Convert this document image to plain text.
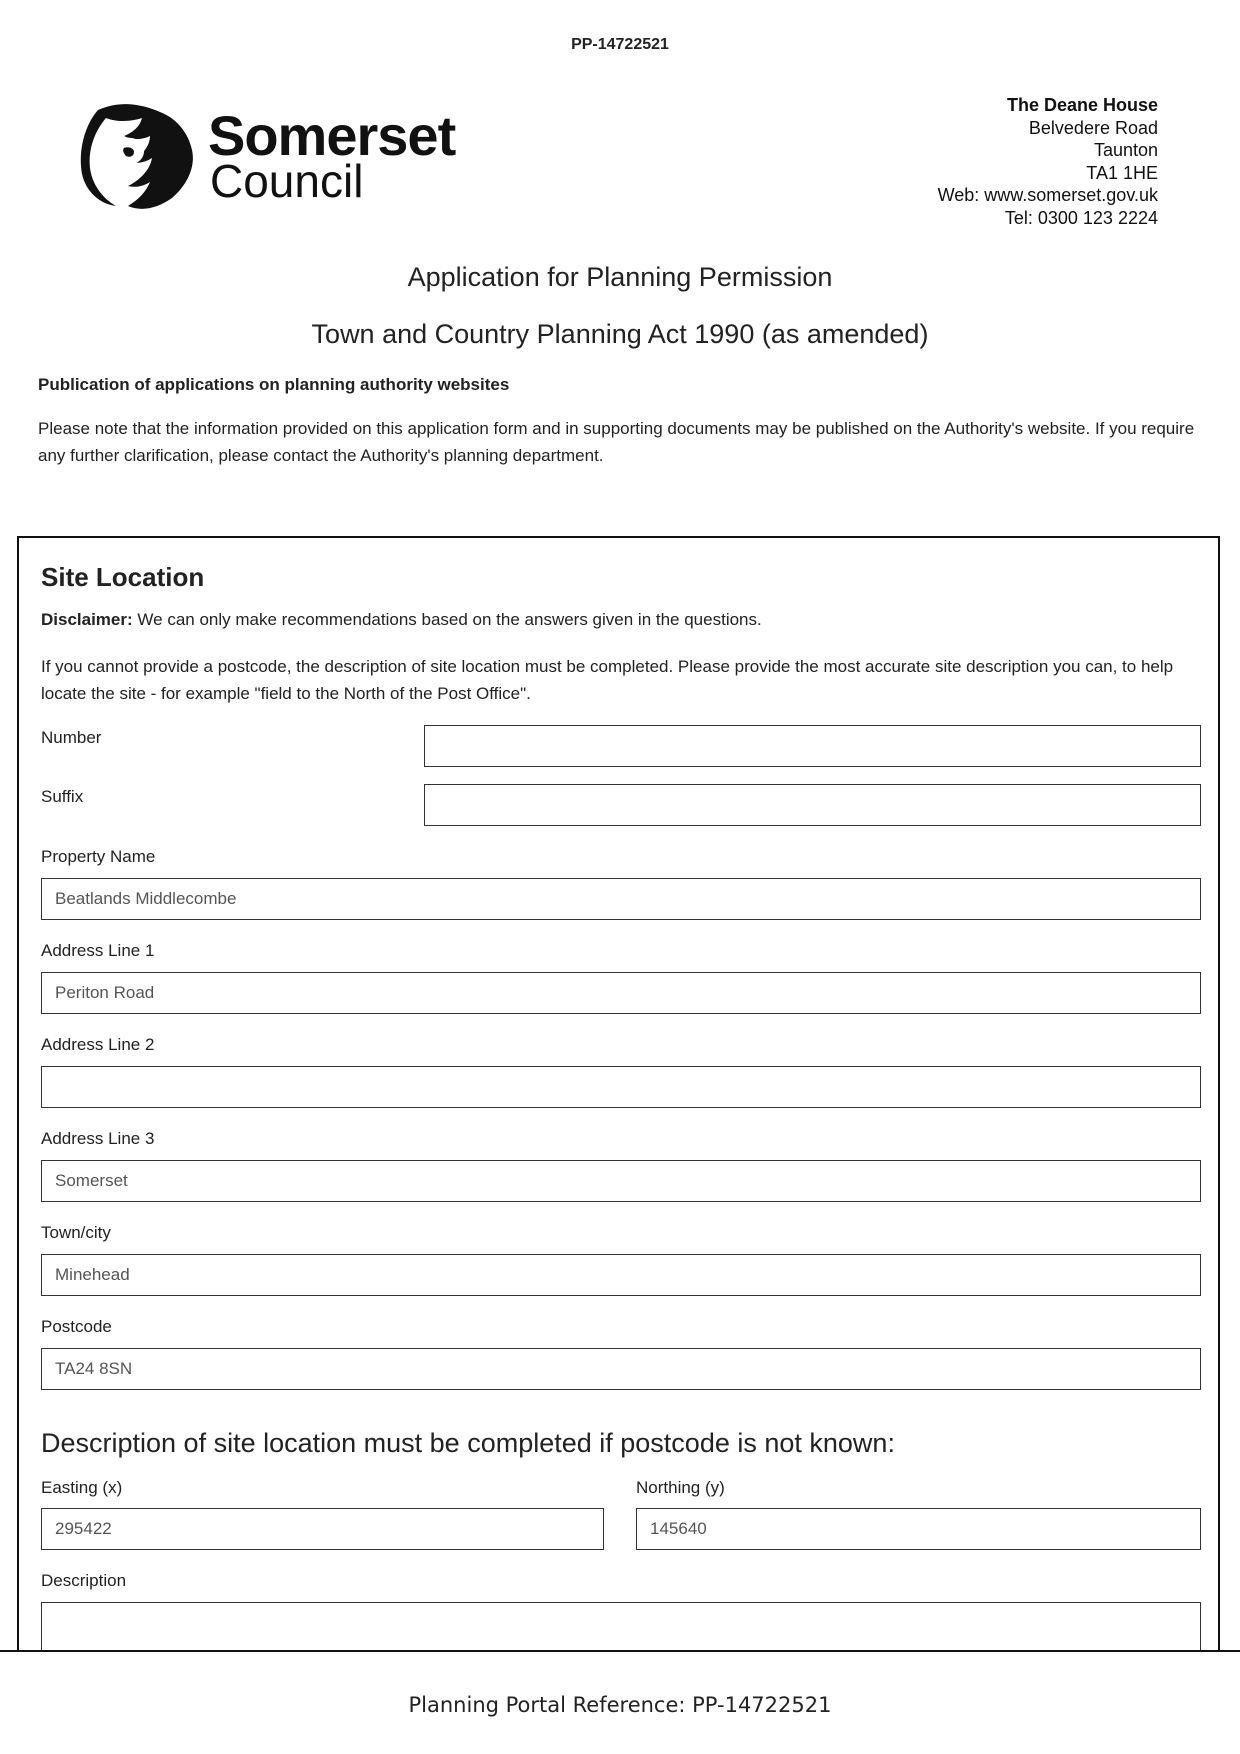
PP-14722521
Somerset
Council
The Deane House
Belvedere Road
Taunton
TA1 1HE
Web: www.somerset.gov.uk
Tel: 0300 123 2224
Application for Planning Permission
Town and Country Planning Act 1990 (as amended)
Publication of applications on planning authority websites
Please note that the information provided on this application form and in supporting documents may be published on the Authority's website. If you require any further clarification, please contact the Authority's planning department.
Site Location
Disclaimer: We can only make recommendations based on the answers given in the questions.
If you cannot provide a postcode, the description of site location must be completed. Please provide the most accurate site description you can, to help locate the site - for example "field to the North of the Post Office".
Number
Suffix
Property Name
Beatlands Middlecombe
Address Line 1
Periton Road
Address Line 2
Address Line 3
Somerset
Town/city
Minehead
Postcode
TA24 8SN
Description of site location must be completed if postcode is not known:
Easting (x)
295422
Northing (y)
145640
Description
Planning Portal Reference: PP-14722521
